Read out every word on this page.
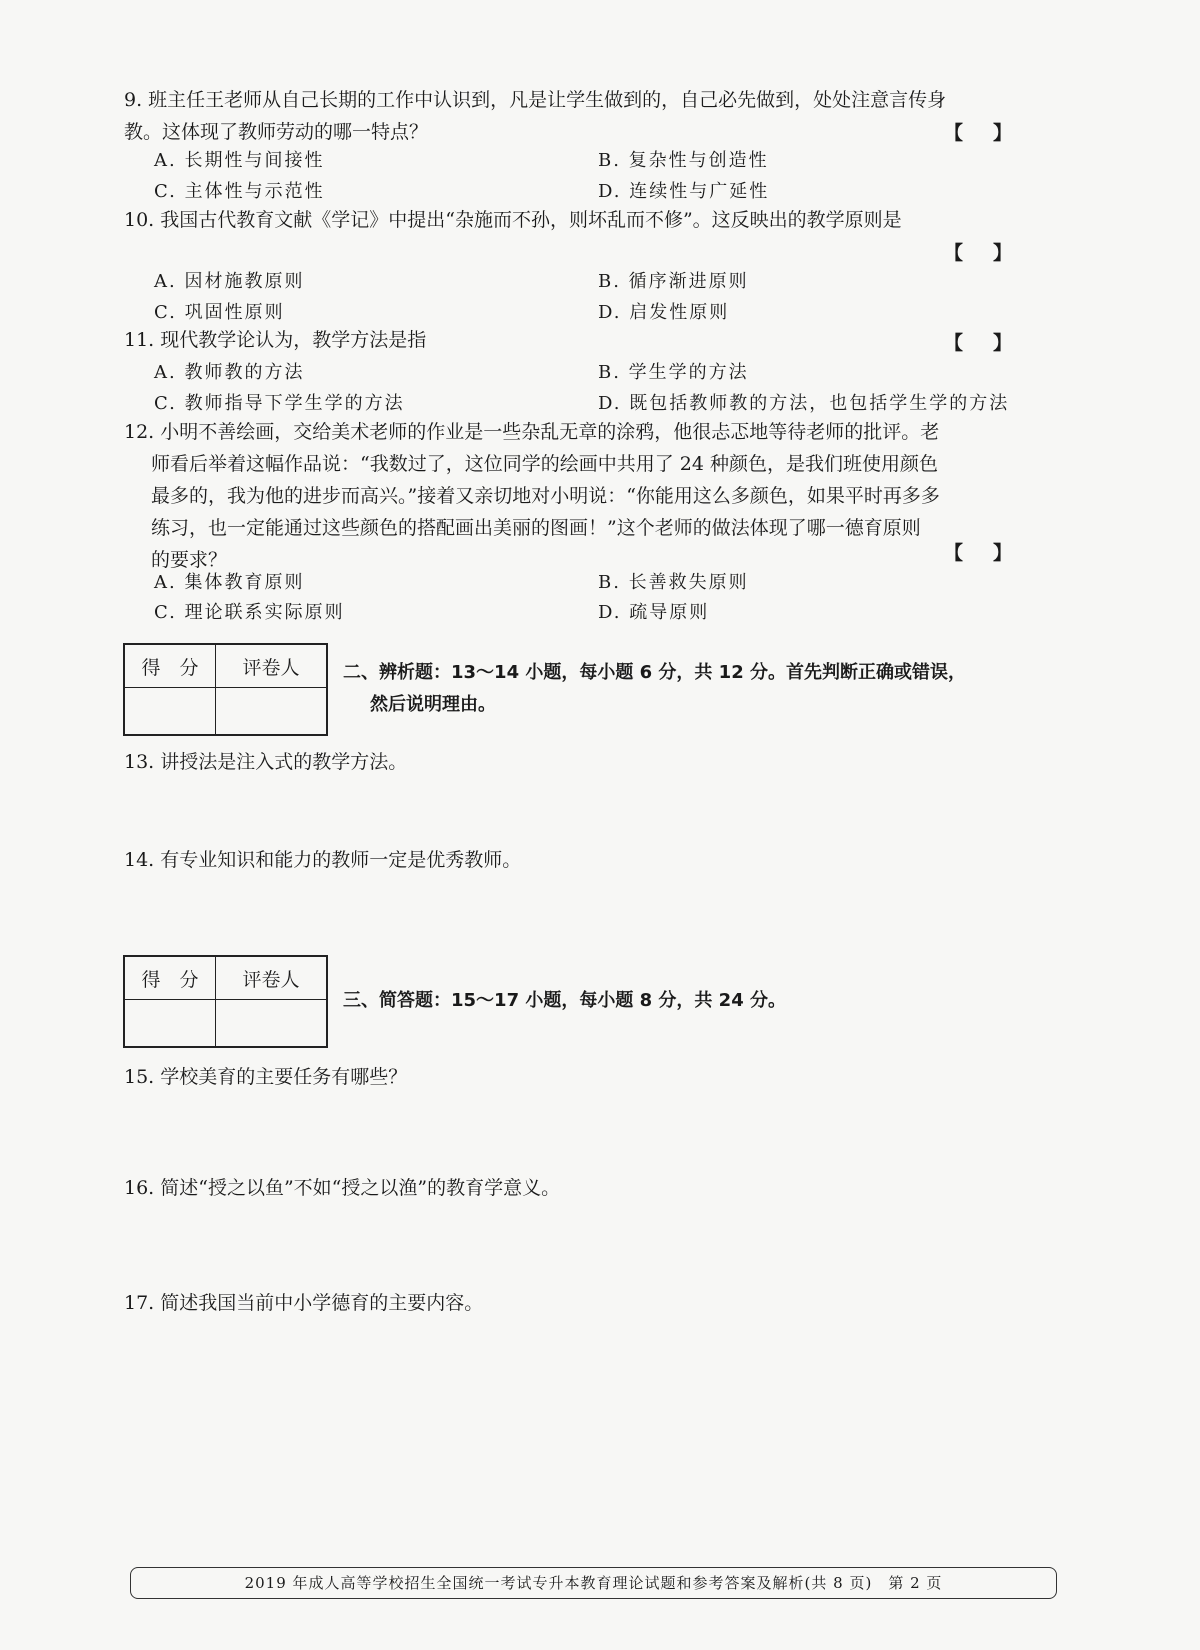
9. 班主任王老师从自己长期的工作中认识到，凡是让学生做到的，自己必先做到，处处注意言传身
教。这体现了教师劳动的哪一特点？	【】
A. 长期性与间接性	B. 复杂性与创造性
C. 主体性与示范性	D. 连续性与广延性
10. 我国古代教育文献《学记》中提出“杂施而不孙，则坏乱而不修”。这反映出的教学原则是
【】
A. 因材施教原则	B. 循序渐进原则
C. 巩固性原则	D. 启发性原则
11. 现代教学论认为，教学方法是指	【】
A. 教师教的方法	B. 学生学的方法
C. 教师指导下学生学的方法	D. 既包括教师教的方法，也包括学生学的方法
12. 小明不善绘画，交给美术老师的作业是一些杂乱无章的涂鸦，他很忐忑地等待老师的批评。老
师看后举着这幅作品说：“我数过了，这位同学的绘画中共用了 24 种颜色，是我们班使用颜色
最多的，我为他的进步而高兴。”接着又亲切地对小明说：“你能用这么多颜色，如果平时再多多
练习，也一定能通过这些颜色的搭配画出美丽的图画！”这个老师的做法体现了哪一德育原则
的要求？	【】
A. 集体教育原则	B. 长善救失原则
C. 理论联系实际原则	D. 疏导原则
得　分	评卷人
	二、辨析题：13～14 小题，每小题 6 分，共 12 分。首先判断正确或错误，
然后说明理由。
13. 讲授法是注入式的教学方法。
14. 有专业知识和能力的教师一定是优秀教师。
得　分	评卷人

三、简答题：15～17 小题，每小题 8 分，共 24 分。
15. 学校美育的主要任务有哪些？
16. 简述“授之以鱼”不如“授之以渔”的教育学意义。
17. 简述我国当前中小学德育的主要内容。
2019 年成人高等学校招生全国统一考试专升本教育理论试题和参考答案及解析(共 8 页)　第 2 页
